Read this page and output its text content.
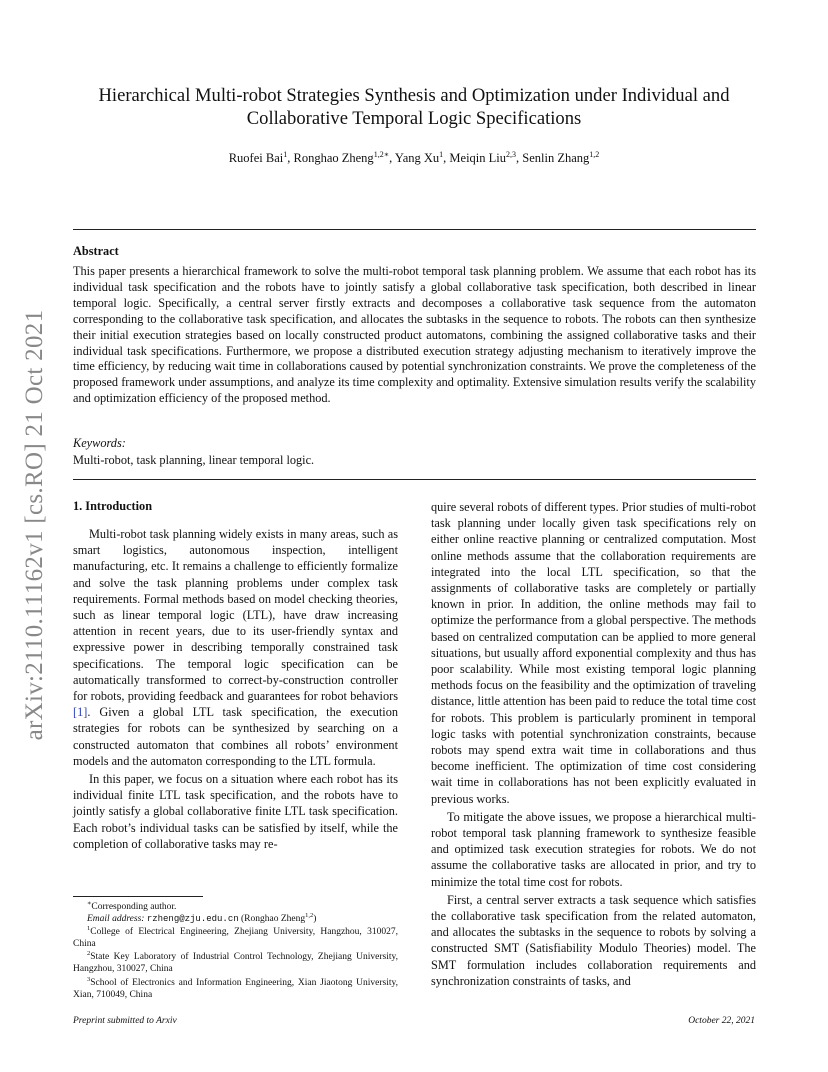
arXiv:2110.11162v1 [cs.RO] 21 Oct 2021
Hierarchical Multi-robot Strategies Synthesis and Optimization under Individual and Collaborative Temporal Logic Specifications
Ruofei Bai$^1$, Ronghao Zheng$^{1,2∗}$, Yang Xu$^1$, Meiqin Liu$^{2,3}$, Senlin Zhang$^{1,2}$
Abstract

This paper presents a hierarchical framework to solve the multi-robot temporal task planning problem. We assume that each robot has its individual task specification and the robots have to jointly satisfy a global collaborative task specification, both described in linear temporal logic. Specifically, a central server firstly extracts and decomposes a collaborative task sequence from the automaton corresponding to the collaborative task specification, and allocates the subtasks in the sequence to robots. The robots can then synthesize their initial execution strategies based on locally constructed product automatons, combining the assigned collaborative tasks and their individual task specifications. Furthermore, we propose a distributed execution strategy adjusting mechanism to iteratively improve the time efficiency, by reducing wait time in collaborations caused by potential synchronization constraints. We prove the completeness of the proposed framework under assumptions, and analyze its time complexity and optimality. Extensive simulation results verify the scalability and optimization efficiency of the proposed method.

Keywords:
Multi-robot, task planning, linear temporal logic.
1. Introduction

Multi-robot task planning widely exists in many areas, such as smart logistics, autonomous inspection, intelligent manufacturing, etc. It remains a challenge to efficiently formalize and solve the task planning problems under complex task requirements. Formal methods based on model checking theories, such as linear temporal logic (LTL), have draw increasing attention in recent years, due to its user-friendly syntax and expressive power in describing temporally constrained task specifications. The temporal logic specification can be automatically transformed to correct-by-construction controller for robots, providing feedback and guarantees for robot behaviors [1]. Given a global LTL task specification, the execution strategies for robots can be synthesized by searching on a constructed automaton that combines all robots’ environment models and the automaton corresponding to the LTL formula.

In this paper, we focus on a situation where each robot has its individual finite LTL task specification, and the robots have to jointly satisfy a global collaborative finite LTL task specification. Each robot’s individual tasks can be satisfied by itself, while the completion of collaborative tasks may re-

quire several robots of different types. Prior studies of multi-robot task planning under locally given task specifications rely on either online reactive planning or centralized computation. Most online methods assume that the collaboration requirements are integrated into the local LTL specification, so that the assignments of collaborative tasks are completely or partially known in prior. In addition, the online methods may fail to optimize the performance from a global perspective. The methods based on centralized computation can be applied to more general situations, but usually afford exponential complexity and thus has poor scalability. While most existing temporal logic planning methods focus on the feasibility and the optimization of traveling distance, little attention has been paid to reduce the total time cost for robots. This problem is particularly prominent in temporal logic tasks with potential synchronization constraints, because robots may spend extra wait time in collaborations and thus become inefficient. The optimization of time cost considering wait time in collaborations has not been explicitly evaluated in previous works.

To mitigate the above issues, we propose a hierarchical multi-robot temporal task planning framework to synthesize feasible and optimized task execution strategies for robots. We do not assume the collaborative tasks are allocated in prior, and try to minimize the total time cost for robots.

First, a central server extracts a task sequence which satisfies the collaborative task specification from the related automaton, and allocates the subtasks in the sequence to robots by solving a constructed SMT (Satisfiability Modulo Theories) model. The SMT formulation includes collaboration requirements and synchronization constraints of tasks, and

∗Corresponding author.

Email address: rzheng@zju.edu.cn (Ronghao Zheng$^{1,2}$)

$^1$College of Electrical Engineering, Zhejiang University, Hangzhou, 310027, China

$^2$State Key Laboratory of Industrial Control Technology, Zhejiang University, Hangzhou, 310027, China

$^3$School of Electronics and Information Engineering, Xian Jiaotong University, Xian, 710049, China

Preprint submitted to Arxiv	October 22, 2021
